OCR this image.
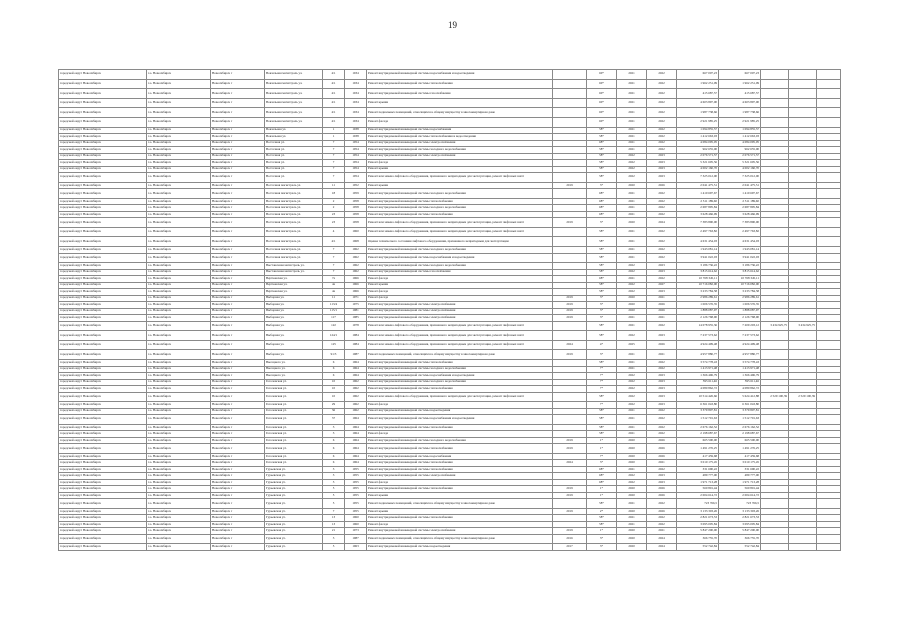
19
городской округ Новосибирск	г.о. Новосибирск	Новосибирск г	Вокзальная магистраль ул.	4/1	1934	Ремонт внутридомовой инженерной системы водоснабжения и водоотведения		60*	2021	2022	667 007,23	667 007,23			
городской округ Новосибирск	г.о. Новосибирск	Новосибирск г	Вокзальная магистраль ул.	4/1	1934	Ремонт внутридомовой инженерной системы теплоснабжения		60*	2021	2022	1 962 251,09	1 962 251,09			
городской округ Новосибирск	г.о. Новосибирск	Новосибирск г	Вокзальная магистраль ул.	4/1	1934	Ремонт внутридомовой инженерной системы газоснабжения		60*	2021	2022	415 687,57	415 687,57			
городской округ Новосибирск	г.о. Новосибирск	Новосибирск г	Вокзальная магистраль ул.	4/1	1934	Ремонт крыши		60*	2021	2022	4 603 897,00	4 603 897,00			
городской округ Новосибирск	г.о. Новосибирск	Новосибирск г	Вокзальная магистраль ул.	4/1	1934	Ремонт подвальных помещений, относящихся к общему имуществу в многоквартирном доме		60*	2021	2022	1 987 738,66	1 987 738,66			
городской округ Новосибирск	г.о. Новосибирск	Новосибирск г	Вокзальная магистраль ул.	4/1	1934	Ремонт фасада		60*	2021	2022	2 921 985,25	2 921 985,25			
городской округ Новосибирск	г.о. Новосибирск	Новосибирск г	Вокзальная ул.	1	1938	Ремонт внутридомовой инженерной системы водоснабжения		58*	2021	2022	1 094 855,57	1 094 855,57			
городской округ Новосибирск	г.о. Новосибирск	Новосибирск г	Вокзальная ул.	1	1938	Ремонт внутридомовой инженерной системы теплоснабжения и водоотведения		58*	2021	2022	1 412 663,03	1 412 663,03			
городской округ Новосибирск	г.о. Новосибирск	Новосибирск г	Восточная ул.	7	1954	Ремонт внутридомовой инженерной системы электроснабжения		68*	2021	2022	4 084 095,05	4 084 095,05			
городской округ Новосибирск	г.о. Новосибирск	Новосибирск г	Восточная ул.	7	1954	Ремонт внутридомовой инженерной системы холодного водоснабжения		58*	2021	2022	962 655,00	962 655,00			
городской округ Новосибирск	г.о. Новосибирск	Новосибирск г	Восточная ул.	7	1954	Ремонт внутридомовой инженерной системы электроснабжения		58*	2022	2023	2 076 571,57	2 076 571,57			
городской округ Новосибирск	г.о. Новосибирск	Новосибирск г	Восточная ул.	7	1954	Ремонт фасада		58*	2022	2023	5 321 605,56	5 321 605,56			
городской округ Новосибирск	г.о. Новосибирск	Новосибирск г	Восточная ул.	7	1954	Ремонт крыши		58*	2022	2023	4 002 160,70	4 002 160,70			
городской округ Новосибирск	г.о. Новосибирск	Новосибирск г	Восточная ул.	7	1954	Ремонт или замена лифтового оборудования, признанного непригодным для эксплуатации, ремонт лифтовых шахт		58*	2022	2023	7 325 012,00	7 325 012,00			
городской округ Новосибирск	г.о. Новосибирск	Новосибирск г	Восточная магистраль ул.	11	1952	Ремонт крыши	2019	3*	2020	2026	2 041 475,51	2 041 475,51			
городской округ Новосибирск	г.о. Новосибирск	Новосибирск г	Восточная магистраль ул.	18	1959	Ремонт внутридомовой инженерной системы холодного водоснабжения		68*	2021	2022	1 410 697,67	1 410 697,67			
городской округ Новосибирск	г.о. Новосибирск	Новосибирск г	Восточная магистраль ул.	2	1958	Ремонт внутридомовой инженерной системы теплоснабжения		68*	2021	2022	2 311 189,60	2 311 189,60			
городской округ Новосибирск	г.о. Новосибирск	Новосибирск г	Восточная магистраль ул.	2	1958	Ремонт внутридомовой инженерной системы холодного водоснабжения		68*	2021	2022	2 687 895,84	2 687 895,84			
городской округ Новосибирск	г.о. Новосибирск	Новосибирск г	Восточная магистраль ул.	23	1958	Ремонт внутридомовой инженерной системы теплоснабжения		68*	2021	2022	3 628 466,99	3 628 466,99			
городской округ Новосибирск	г.о. Новосибирск	Новосибирск г	Восточная магистраль ул.	23	1958	Ремонт или замена лифтового оборудования, признанного непригодным для эксплуатации, ремонт лифтовых шахт	2019	3*	2020	2024	7 383 890,00	7 383 890,00			
городской округ Новосибирск	г.о. Новосибирск	Новосибирск г	Восточная магистраль ул.	4	1960	Ремонт или замена лифтового оборудования, признанного непригодным для эксплуатации, ремонт лифтовых шахт		58*	2021	2022	2 497 763,82	2 497 763,82			
городской округ Новосибирск	г.о. Новосибирск	Новосибирск г	Восточная магистраль ул.	4/1	1968	Оценка технического состояния лифтового оборудования, признанного непригодным для эксплуатации		58*	2021	2022	4 631 454,03	4 631 454,03			
городской округ Новосибирск	г.о. Новосибирск	Новосибирск г	Восточная магистраль ул.	7	1962	Ремонт внутридомовой инженерной системы холодного водоснабжения		58*	2021	2022	1 943 081,14	1 943 081,14			
городской округ Новосибирск	г.о. Новосибирск	Новосибирск г	Восточная магистраль ул.	7	1962	Ремонт внутридомовой инженерной системы водоснабжения и водоотведения		58*	2021	2022	3 941 022,03	3 941 022,03			
городской округ Новосибирск	г.о. Новосибирск	Новосибирск г	Выставочная магистраль ул.	7	1962	Ремонт внутридомовой инженерной системы холодного водоснабжения		58*	2022	2023	3 186 736,22	3 186 736,22			
городской округ Новосибирск	г.о. Новосибирск	Новосибирск г	Выставочная магистраль ул.	7	1962	Ремонт внутридомовой инженерной системы газоснабжения		58*	2022	2023	3 815 614,62	3 815 614,62			
городской округ Новосибирск	г.о. Новосибирск	Новосибирск г	Вертковская ул.	7а	1966	Ремонт фасада		68*	2021	2022	10 768 345,11	10 768 345,11			
городской округ Новосибирск	г.о. Новосибирск	Новосибирск г	Вертковская ул.	4а	1966	Ремонт крыши		58*	2022	2027	10 716 082,00	10 716 082,00			
городской округ Новосибирск	г.о. Новосибирск	Новосибирск г	Вертковская ул.	4а	1966	Ремонт фасада		58*	2022	2023	3 233 784,58	3 233 784,58			
городской округ Новосибирск	г.о. Новосибирск	Новосибирск г	Выборная ул.	11	1971	Ремонт фасада	2019	3*	2020	2021	2 986 289,61	2 986 289,61			
городской округ Новосибирск	г.о. Новосибирск	Новосибирск г	Выборная ул.	113/4	1975	Ремонт внутридомовой инженерной системы электроснабжения	2019	3*	2020	2026	1 006 576,35	1 006 576,35			
городской округ Новосибирск	г.о. Новосибирск	Новосибирск г	Выборная ул.	115/1	1981	Ремонт внутридомовой инженерной системы электроснабжения	2019	3*	2020	2026	1 888 087,97	1 888 087,97			
городской округ Новосибирск	г.о. Новосибирск	Новосибирск г	Выборная ул.	117	1985	Ремонт внутридомовой инженерной системы электроснабжения	2019	3*	2021	2021	2 126 768,90	2 126 768,90			
городской округ Новосибирск	г.о. Новосибирск	Новосибирск г	Выборная ул.	122	1978	Ремонт или замена лифтового оборудования, признанного непригодным для эксплуатации, ремонт лифтовых шахт		58*	2021	2022	14 078 955,36	7 209 203,12	3 434 925,75	3 434 925,75	
городской округ Новосибирск	г.о. Новосибирск	Новосибирск г	Выборная ул.	124/1	1984	Ремонт или замена лифтового оборудования, признанного непригодным для эксплуатации, ремонт лифтовых шахт		58*	2022	2023	7 237 573,62	7 237 573,62			
городской округ Новосибирск	г.о. Новосибирск	Новосибирск г	Выборная ул.	125	1984	Ремонт или замена лифтового оборудования, признанного непригодным для эксплуатации, ремонт лифтовых шахт	2024	4*	2025	2026	4 924 499,48	4 924 499,48			
городской округ Новосибирск	г.о. Новосибирск	Новосибирск г	Выборная ул.	91/3	1987	Ремонт подвальных помещений, относящихся к общему имуществу в многоквартирном доме	2019	3*	2021	2021	4 957 880,77	4 957 880,77			
городской округ Новосибирск	г.о. Новосибирск	Новосибирск г	Высоцкого ул.	6	1964	Ремонт внутридомовой инженерной системы теплоснабжения		58*	2021	2022	3 574 778,43	3 574 778,43			
городской округ Новосибирск	г.о. Новосибирск	Новосибирск г	Высоцкого ул.	6	1964	Ремонт внутридомовой инженерной системы холодного водоснабжения		7*	2021	2022	1 413 971,48	1 413 971,48			
городской округ Новосибирск	г.о. Новосибирск	Новосибирск г	Высоцкого ул.	6	1964	Ремонт внутридомовой инженерной системы водоснабжения и водоотведения		7*	2022	2023	1 366 496,79	1 366 496,79			
городской округ Новосибирск	г.о. Новосибирск	Новосибирск г	Гоголевская ул.	10	1962	Ремонт внутридомовой инженерной системы холодного водоснабжения		7*	2022	2023	595 611,46	595 611,46			
городской округ Новосибирск	г.о. Новосибирск	Новосибирск г	Гоголевская ул.	10	1962	Ремонт внутридомовой инженерной системы теплоснабжения		7*	2022	2023	4 080 862,72	4 080 862,72			
городской округ Новосибирск	г.о. Новосибирск	Новосибирск г	Гоголевская ул.	10	1962	Ремонт или замена лифтового оборудования, признанного непригодным для эксплуатации, ремонт лифтовых шахт		58*	2022	2023	10 514 426,66	5 624 412,88	2 529 100,39	2 529 100,39	
городской округ Новосибирск	г.о. Новосибирск	Новосибирск г	Гоголевская ул.	29	1962	Ремонт фасада		7*	2022	2023	6 361 043,80	6 361 043,80			
городской округ Новосибирск	г.о. Новосибирск	Новосибирск г	Гоголевская ул.	36	1962	Ремонт внутридомовой инженерной системы водоотведения		58*	2021	2022	3 379 807,81	3 379 807,81			
городской округ Новосибирск	г.о. Новосибирск	Новосибирск г	Гоголевская ул.	37	1964	Ремонт внутридомовой инженерной системы водоснабжения и водоотведения		58*	2021	2022	1 512 701,63	1 512 701,63			
городской округ Новосибирск	г.о. Новосибирск	Новосибирск г	Гоголевская ул.	3	1964	Ремонт внутридомовой инженерной системы теплоснабжения		58*	2021	2022	2 676 162,52	2 676 162,52			
городской округ Новосибирск	г.о. Новосибирск	Новосибирск г	Гоголевская ул.	3	1964	Ремонт фасада		58*	2021	2022	2 198 687,67	2 198 687,67			
городской округ Новосибирск	г.о. Новосибирск	Новосибирск г	Гоголевская ул.	6	1964	Ремонт внутридомовой инженерной системы холодного водоснабжения	2019	1*	2020	2026	665 500,00	665 500,00			
городской округ Новосибирск	г.о. Новосибирск	Новосибирск г	Гоголевская ул.	6	1964	Ремонт внутридомовой инженерной системы теплоснабжения	2019	1*	2020	2026	1 491 276,25	1 491 276,25			
городской округ Новосибирск	г.о. Новосибирск	Новосибирск г	Гоголевская ул.	6	1964	Ремонт внутридомовой инженерной системы водоснабжения		7*	2020	2026	417 459,68	417 459,68			
городской округ Новосибирск	г.о. Новосибирск	Новосибирск г	Гоголевская ул.	6	1964	Ремонт внутридомовой инженерной системы теплоснабжения	2024	3*	2020	2021	3 010 175,45	3 010 175,45			
городской округ Новосибирск	г.о. Новосибирск	Новосибирск г	Гурьевская ул.	3	1955	Ремонт внутридомовой инженерной системы теплоснабжения		68*	2021	2022	331 690,22	331 690,22			
городской округ Новосибирск	г.о. Новосибирск	Новосибирск г	Гурьевская ул.	3	1955	Ремонт внутридомовой инженерной системы электроснабжения		68*	2022	2023	489 777,00	489 777,00			
городской округ Новосибирск	г.о. Новосибирск	Новосибирск г	Гурьевская ул.	3	1955	Ремонт фасада		68*	2022	2023	1 971 713,28	1 971 713,28			
городской округ Новосибирск	г.о. Новосибирск	Новосибирск г	Гурьевская ул.	5	1955	Ремонт внутридомовой инженерной системы теплоснабжения	2019	1*	2020	2026	560 801,44	560 801,44			
городской округ Новосибирск	г.о. Новосибирск	Новосибирск г	Гурьевская ул.	5	1955	Ремонт крыши	2019	1*	2020	2026	2 004 614,72	2 004 614,72			
городской округ Новосибирск	г.о. Новосибирск	Новосибирск г	Гурьевская ул.	5	1955	Ремонт подвальных помещений, относящихся к общему имуществу в многоквартирном доме		58*	2021	2022	723 766,5	723 766,5			
городской округ Новосибирск	г.о. Новосибирск	Новосибирск г	Гурьевская ул.	7	1955	Ремонт крыши	2019	2*	2020	2026	3 133 303,26	3 133 303,26			
городской округ Новосибирск	г.о. Новосибирск	Новосибирск г	Гурьевская ул.	13	1960	Ремонт внутридомовой инженерной системы теплоснабжения		58*	2021	2022	2 821 673,53	2 821 673,53			
городской округ Новосибирск	г.о. Новосибирск	Новосибирск г	Гурьевская ул.	13	1960	Ремонт фасада		58*	2021	2022	3 095 005,84	3 095 005,84			
городской округ Новосибирск	г.о. Новосибирск	Новосибирск г	Гурьевская ул.	21	1973	Ремонт внутридомовой инженерной системы электроснабжения	2019	1*	2020	2021	5 847 200,00	5 847 200,00			
городской округ Новосибирск	г.о. Новосибирск	Новосибирск г	Гурьевская ул.	3	1987	Ремонт подвальных помещений, относящихся к общему имуществу в многоквартирном доме	2016	3*	2020	2024	366 755,70	366 755,70			
городской округ Новосибирск	г.о. Новосибирск	Новосибирск г	Гурьевская ул.	5	1963	Ремонт внутридомовой инженерной системы водоотведения	2017	3*	2020	2024	552 742,84	552 742,84			
